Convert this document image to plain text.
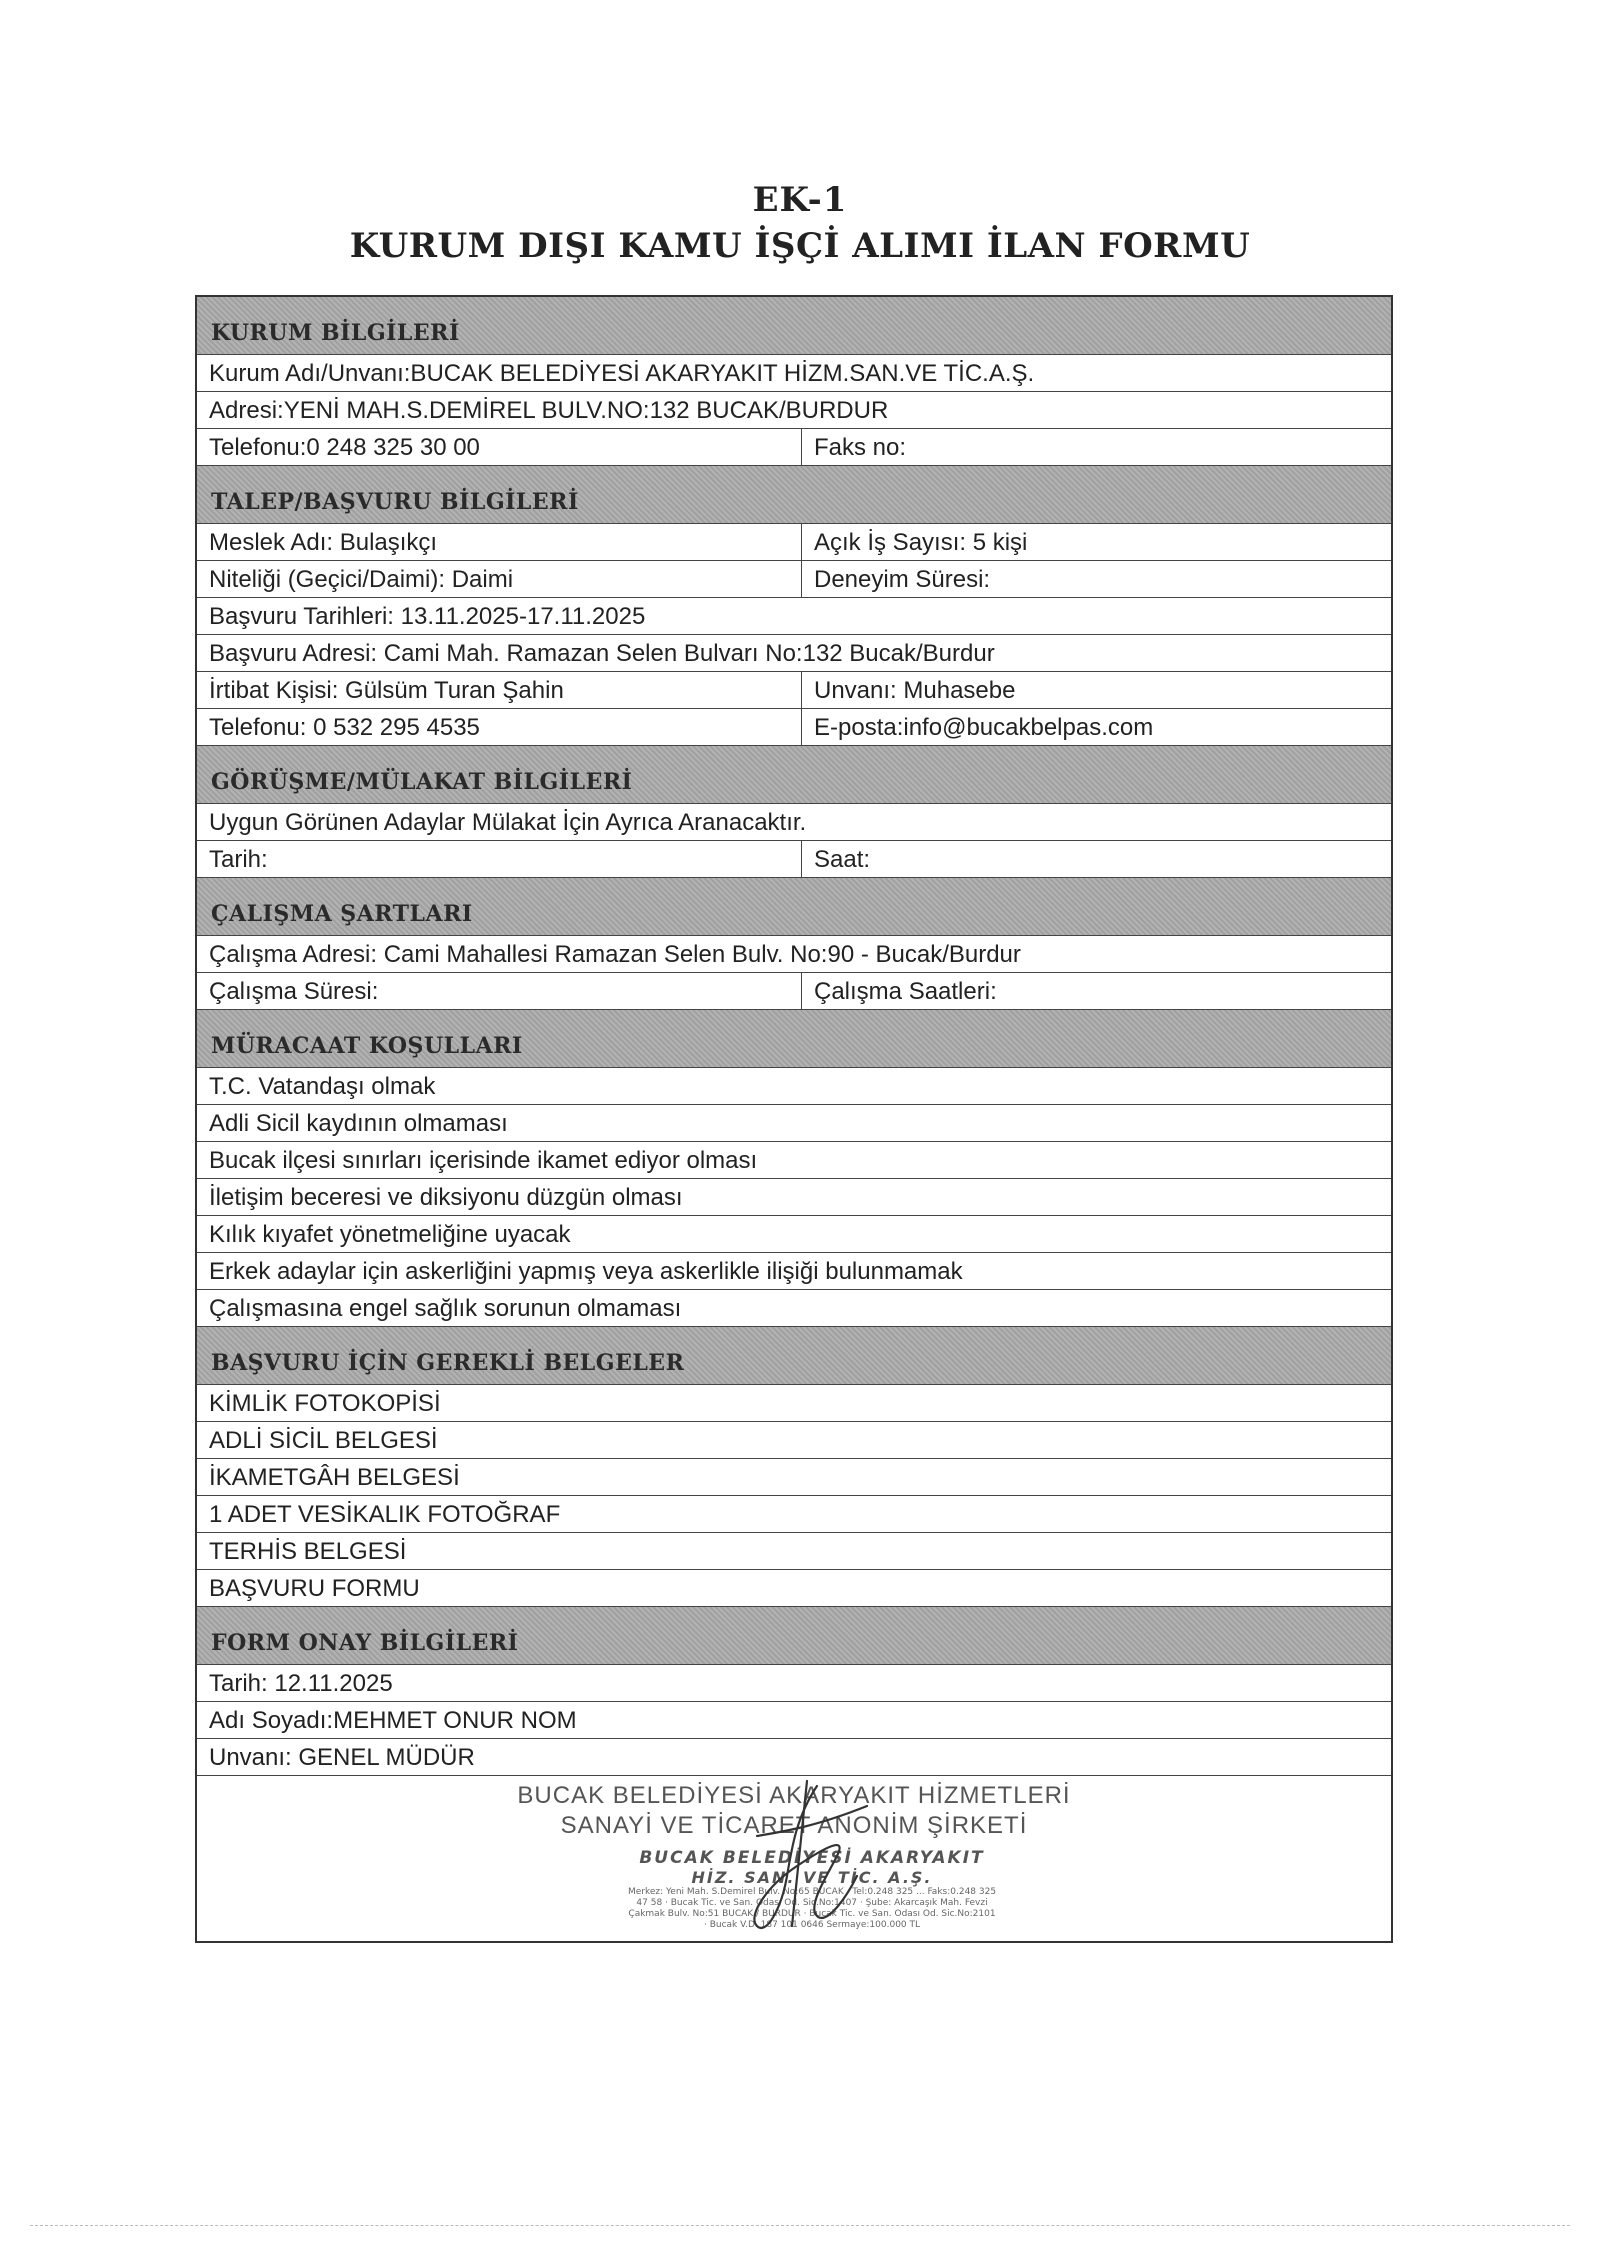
EK-1
KURUM DIŞI KAMU İŞÇİ ALIMI İLAN FORMU
KURUM BİLGİLERİ
Kurum Adı/Unvanı:BUCAK BELEDİYESİ AKARYAKIT HİZM.SAN.VE TİC.A.Ş.
Adresi:YENİ MAH.S.DEMİREL BULV.NO:132 BUCAK/BURDUR
Telefonu:0 248 325 30 00	Faks no:
TALEP/BAŞVURU BİLGİLERİ
Meslek Adı: Bulaşıkçı	Açık İş Sayısı: 5 kişi
Niteliği (Geçici/Daimi): Daimi	Deneyim Süresi:
Başvuru Tarihleri: 13.11.2025-17.11.2025
Başvuru Adresi: Cami Mah. Ramazan Selen Bulvarı No:132 Bucak/Burdur
İrtibat Kişisi: Gülsüm Turan Şahin	Unvanı: Muhasebe
Telefonu: 0 532 295 4535	E-posta:info@bucakbelpas.com
GÖRÜŞME/MÜLAKAT BİLGİLERİ
Uygun Görünen Adaylar Mülakat İçin Ayrıca Aranacaktır.
Tarih:	Saat:
ÇALIŞMA ŞARTLARI
Çalışma Adresi: Cami Mahallesi Ramazan Selen Bulv. No:90 - Bucak/Burdur
Çalışma Süresi:	Çalışma Saatleri:
MÜRACAAT KOŞULLARI
T.C. Vatandaşı olmak
Adli Sicil kaydının olmaması
Bucak ilçesi sınırları içerisinde ikamet ediyor olması
İletişim beceresi ve diksiyonu düzgün olması
Kılık kıyafet yönetmeliğine uyacak
Erkek adaylar için askerliğini yapmış veya askerlikle ilişiği bulunmamak
Çalışmasına engel sağlık sorunun olmaması
BAŞVURU İÇİN GEREKLİ BELGELER
KİMLİK FOTOKOPİSİ
ADLİ SİCİL BELGESİ
İKAMETGÂH BELGESİ
1 ADET VESİKALIK FOTOĞRAF
TERHİS BELGESİ
BAŞVURU FORMU
FORM ONAY BİLGİLERİ
Tarih: 12.11.2025
Adı Soyadı:MEHMET ONUR NOM
Unvanı: GENEL MÜDÜR
BUCAK BELEDİYESİ AKARYAKIT HİZMETLERİ
SANAYİ VE TİCARET ANONİM ŞİRKETİ
BUCAK BELEDİYESİ AKARYAKIT
HİZ. SAN. VE TİC. A.Ş.
Merkez: Yeni Mah. S.Demirel Bulv. No:65 BUCAK · Tel:0.248 325 ... Faks:0.248 325 47 58 · Bucak Tic. ve San. Odası Od. Sic.No:1407 · Şube: Akarcaşık Mah. Fevzi Çakmak Bulv. No:51 BUCAK / BURDUR · Bucak Tic. ve San. Odası Od. Sic.No:2101 · Bucak V.D. 187 101 0646 Sermaye:100.000 TL
